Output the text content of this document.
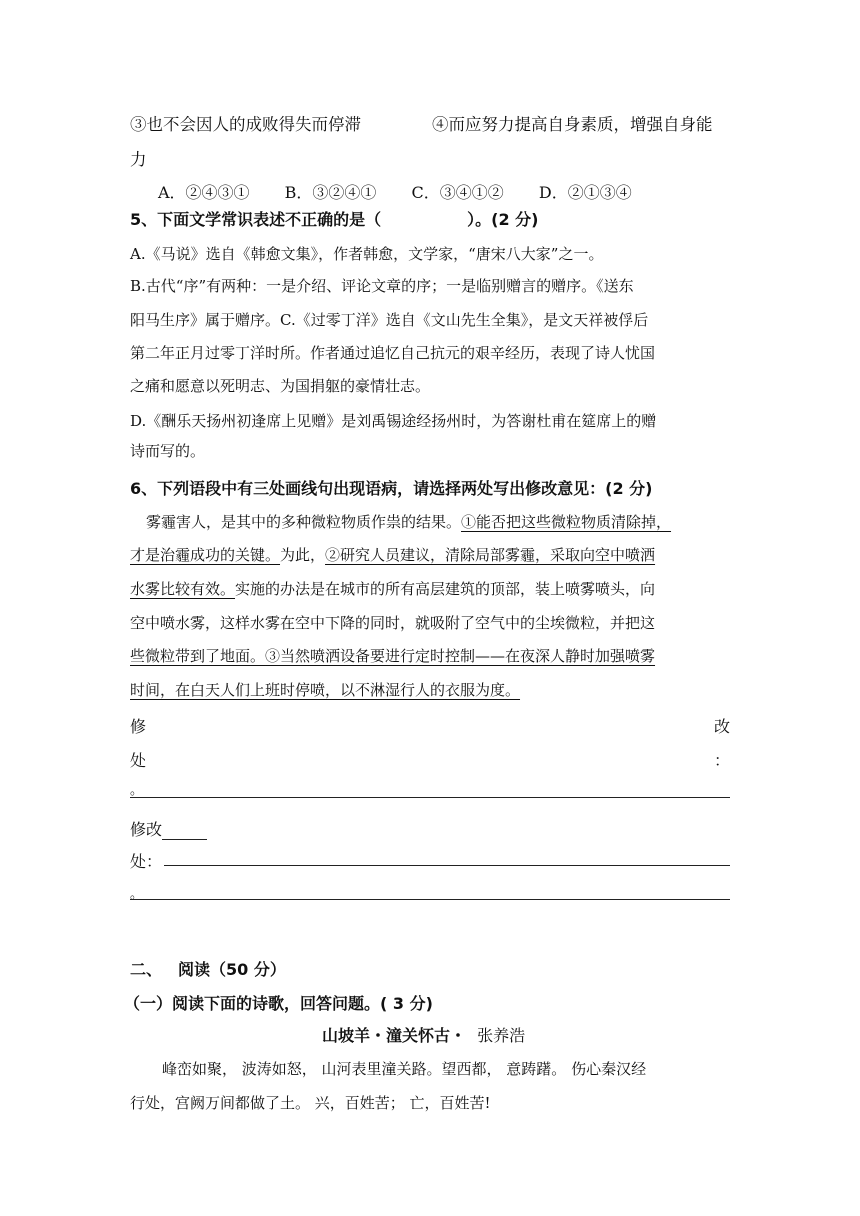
③也不会因人的成败得失而停滞	④而应努力提高自身素质，增强自身能
力
A．②④③① B．③②④① C．③④①② D．②①③④
5、下面文学常识表述不正确的是（	）。(2 分)
A.《马说》选自《韩愈文集》，作者韩愈，文学家，“唐宋八大家”之一。
B.古代“序”有两种：一是介绍、评论文章的序；一是临别赠言的赠序。《送东
阳马生序》属于赠序。C.《过零丁洋》选自《文山先生全集》，是文天祥被俘后
第二年正月过零丁洋时所。作者通过追忆自己抗元的艰辛经历，表现了诗人忧国
之痛和愿意以死明志、为国捐躯的豪情壮志。
D.《酬乐天扬州初逢席上见赠》是刘禹锡途经扬州时，为答谢杜甫在筵席上的赠
诗而写的。
6、下列语段中有三处画线句出现语病，请选择两处写出修改意见：(2 分)
雾霾害人，是其中的多种微粒物质作祟的结果。①能否把这些微粒物质清除掉，
才是治霾成功的关键。为此，②研究人员建议，清除局部雾霾，采取向空中喷洒
水雾比较有效。实施的办法是在城市的所有高层建筑的顶部，装上喷雾喷头，向
空中喷水雾，这样水雾在空中下降的同时，就吸附了空气中的尘埃微粒，并把这
些微粒带到了地面。③当然喷洒设备要进行定时控制——在夜深人静时加强喷雾
时间，在白天人们上班时停喷，以不淋湿行人的衣服为度。
修	改
处	：
。
修改
处：
。
二、 阅读（50 分）
（一）阅读下面的诗歌，回答问题。( 3 分)
山坡羊・潼关怀古・ 张养浩
峰峦如聚， 波涛如怒， 山河表里潼关路。望西都， 意踌躇。 伤心秦汉经
行处，宫阙万间都做了土。 兴，百姓苦； 亡，百姓苦!
